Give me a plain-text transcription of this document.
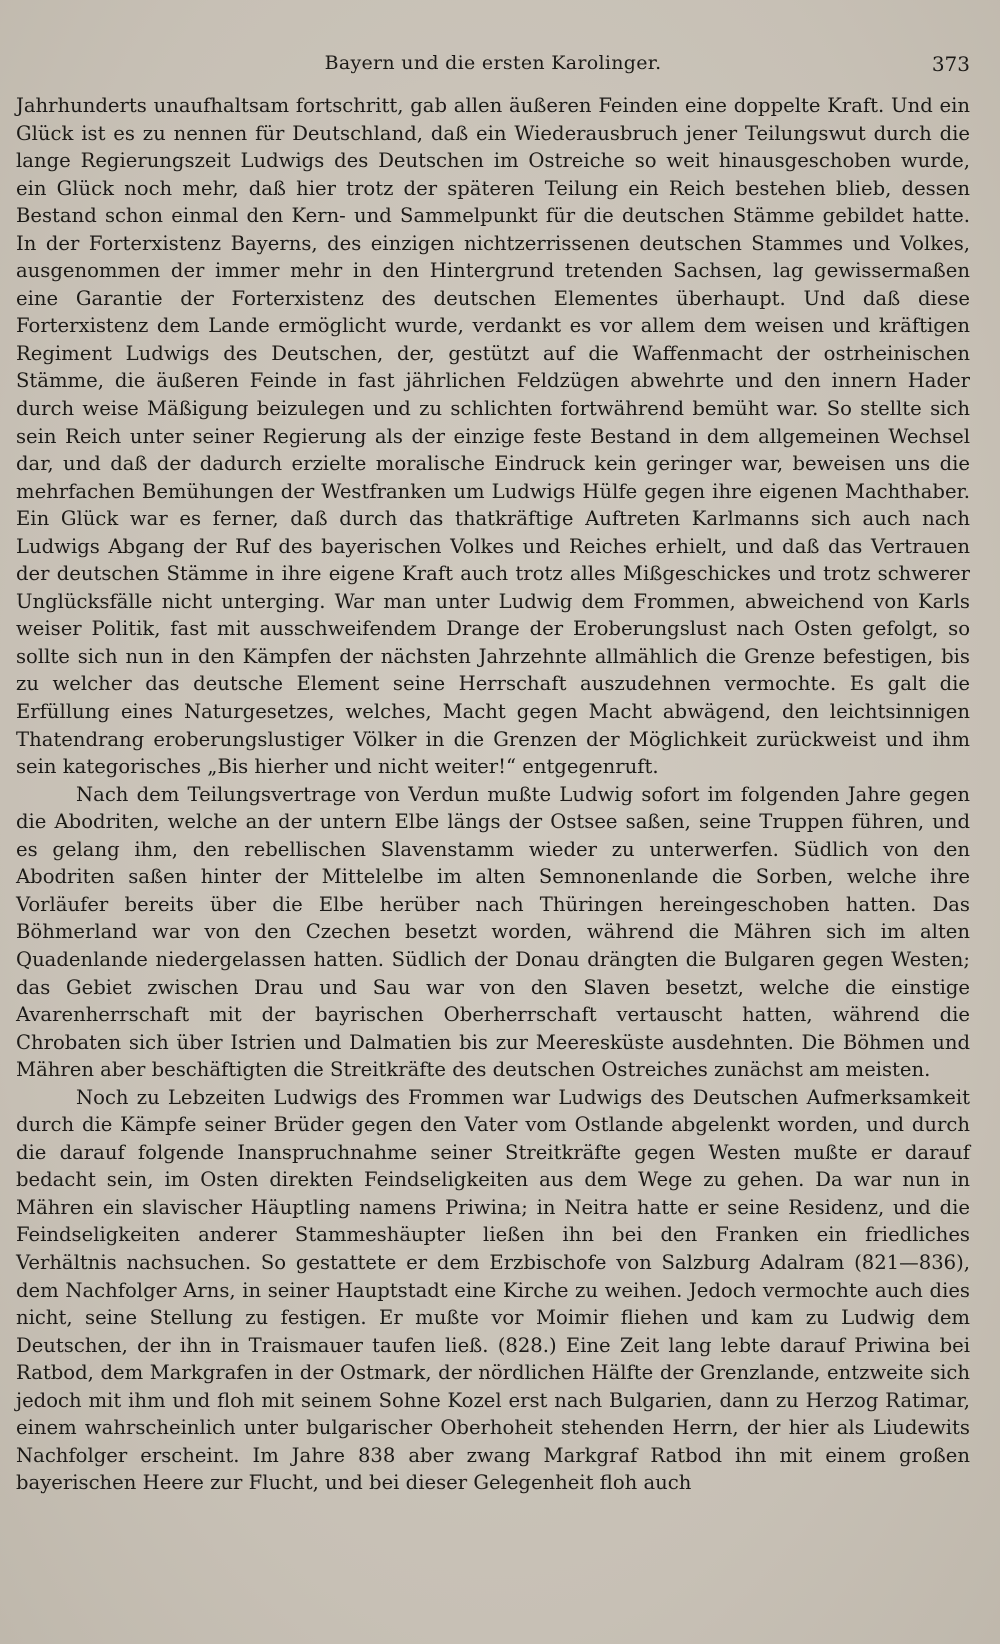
Bayern und die ersten Karolinger.	373

Jahrhunderts unaufhaltsam fortschritt, gab allen äußeren Feinden eine doppelte Kraft. Und ein Glück ist es zu nennen für Deutschland, daß ein Wiederausbruch jener Teilungswut durch die lange Regierungszeit Ludwigs des Deutschen im Ostreiche so weit hinausgeschoben wurde, ein Glück noch mehr, daß hier trotz der späteren Teilung ein Reich bestehen blieb, dessen Bestand schon einmal den Kern- und Sammelpunkt für die deutschen Stämme gebildet hatte. In der Forterxistenz Bayerns, des einzigen nichtzerrissenen deutschen Stammes und Volkes, ausgenommen der immer mehr in den Hintergrund tretenden Sachsen, lag gewissermaßen eine Garantie der Forterxistenz des deutschen Elementes überhaupt. Und daß diese Forterxistenz dem Lande ermöglicht wurde, verdankt es vor allem dem weisen und kräftigen Regiment Ludwigs des Deutschen, der, gestützt auf die Waffenmacht der ostrheinischen Stämme, die äußeren Feinde in fast jährlichen Feldzügen abwehrte und den innern Hader durch weise Mäßigung beizulegen und zu schlichten fortwährend bemüht war. So stellte sich sein Reich unter seiner Regierung als der einzige feste Bestand in dem allgemeinen Wechsel dar, und daß der dadurch erzielte moralische Eindruck kein geringer war, beweisen uns die mehrfachen Bemühungen der Westfranken um Ludwigs Hülfe gegen ihre eigenen Machthaber. Ein Glück war es ferner, daß durch das thatkräftige Auftreten Karlmanns sich auch nach Ludwigs Abgang der Ruf des bayerischen Volkes und Reiches erhielt, und daß das Vertrauen der deutschen Stämme in ihre eigene Kraft auch trotz alles Mißgeschickes und trotz schwerer Unglücksfälle nicht unterging. War man unter Ludwig dem Frommen, abweichend von Karls weiser Politik, fast mit ausschweifendem Drange der Eroberungslust nach Osten gefolgt, so sollte sich nun in den Kämpfen der nächsten Jahrzehnte allmählich die Grenze befestigen, bis zu welcher das deutsche Element seine Herrschaft auszudehnen vermochte. Es galt die Erfüllung eines Naturgesetzes, welches, Macht gegen Macht abwägend, den leichtsinnigen Thatendrang eroberungslustiger Völker in die Grenzen der Möglichkeit zurückweist und ihm sein kategorisches „Bis hierher und nicht weiter!“ entgegenruft.

Nach dem Teilungsvertrage von Verdun mußte Ludwig sofort im folgenden Jahre gegen die Abodriten, welche an der untern Elbe längs der Ostsee saßen, seine Truppen führen, und es gelang ihm, den rebellischen Slavenstamm wieder zu unterwerfen. Südlich von den Abodriten saßen hinter der Mittelelbe im alten Semnonenlande die Sorben, welche ihre Vorläufer bereits über die Elbe herüber nach Thüringen hereingeschoben hatten. Das Böhmerland war von den Czechen besetzt worden, während die Mähren sich im alten Quadenlande niedergelassen hatten. Südlich der Donau drängten die Bulgaren gegen Westen; das Gebiet zwischen Drau und Sau war von den Slaven besetzt, welche die einstige Avarenherrschaft mit der bayrischen Oberherrschaft vertauscht hatten, während die Chrobaten sich über Istrien und Dalmatien bis zur Meeresküste ausdehnten. Die Böhmen und Mähren aber beschäftigten die Streitkräfte des deutschen Ostreiches zunächst am meisten.

Noch zu Lebzeiten Ludwigs des Frommen war Ludwigs des Deutschen Aufmerksamkeit durch die Kämpfe seiner Brüder gegen den Vater vom Ostlande abgelenkt worden, und durch die darauf folgende Inanspruchnahme seiner Streitkräfte gegen Westen mußte er darauf bedacht sein, im Osten direkten Feindseligkeiten aus dem Wege zu gehen. Da war nun in Mähren ein slavischer Häuptling namens Priwina; in Neitra hatte er seine Residenz, und die Feindseligkeiten anderer Stammeshäupter ließen ihn bei den Franken ein friedliches Verhältnis nachsuchen. So gestattete er dem Erzbischofe von Salzburg Adalram (821—836), dem Nachfolger Arns, in seiner Hauptstadt eine Kirche zu weihen. Jedoch vermochte auch dies nicht, seine Stellung zu festigen. Er mußte vor Moimir fliehen und kam zu Ludwig dem Deutschen, der ihn in Traismauer taufen ließ. (828.) Eine Zeit lang lebte darauf Priwina bei Ratbod, dem Markgrafen in der Ostmark, der nördlichen Hälfte der Grenzlande, entzweite sich jedoch mit ihm und floh mit seinem Sohne Kozel erst nach Bulgarien, dann zu Herzog Ratimar, einem wahrscheinlich unter bulgarischer Oberhoheit stehenden Herrn, der hier als Liudewits Nachfolger erscheint. Im Jahre 838 aber zwang Markgraf Ratbod ihn mit einem großen bayerischen Heere zur Flucht, und bei dieser Gelegenheit floh auch
